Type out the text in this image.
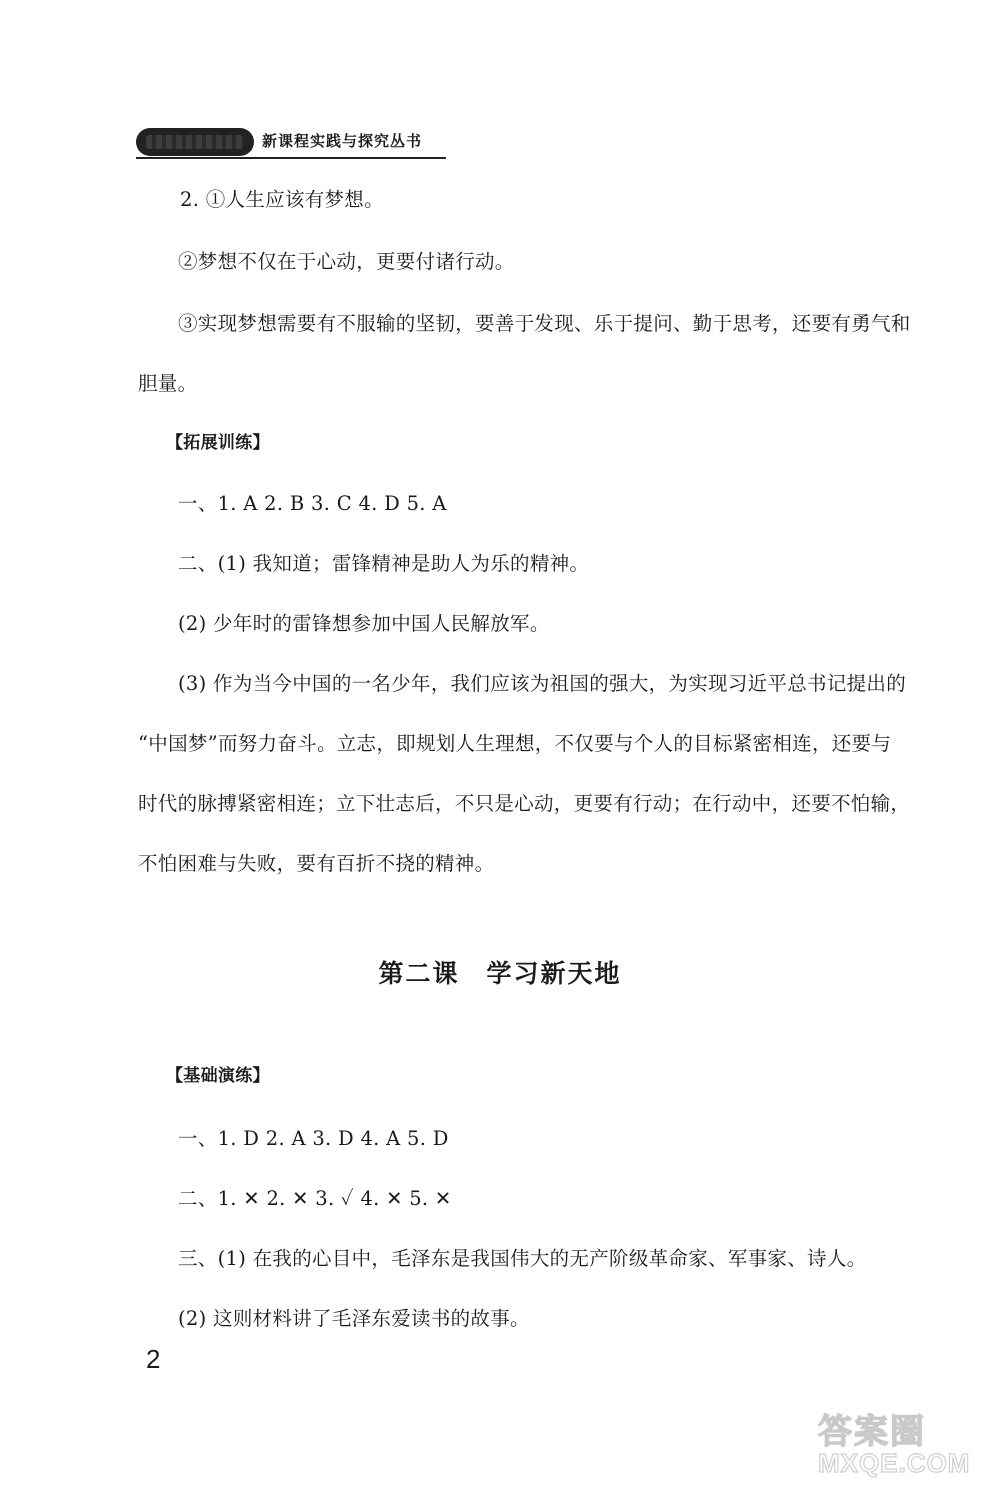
新课程实践与探究丛书
2. ①人生应该有梦想。
②梦想不仅在于心动，更要付诸行动。
③实现梦想需要有不服输的坚韧，要善于发现、乐于提问、勤于思考，还要有勇气和
胆量。
【拓展训练】
一、1. A 2. B 3. C 4. D 5. A
二、(1) 我知道；雷锋精神是助人为乐的精神。
(2) 少年时的雷锋想参加中国人民解放军。
(3) 作为当今中国的一名少年，我们应该为祖国的强大，为实现习近平总书记提出的
“中国梦”而努力奋斗。立志，即规划人生理想，不仅要与个人的目标紧密相连，还要与
时代的脉搏紧密相连；立下壮志后，不只是心动，更要有行动；在行动中，还要不怕输，
不怕困难与失败，要有百折不挠的精神。
第二课　学习新天地
【基础演练】
一、1. D 2. A 3. D 4. A 5. D
二、1. ✕ 2. ✕ 3. ✓ 4. ✕ 5. ✕
三、(1) 在我的心目中，毛泽东是我国伟大的无产阶级革命家、军事家、诗人。
(2) 这则材料讲了毛泽东爱读书的故事。
2
答案圈
MXQE.COM
